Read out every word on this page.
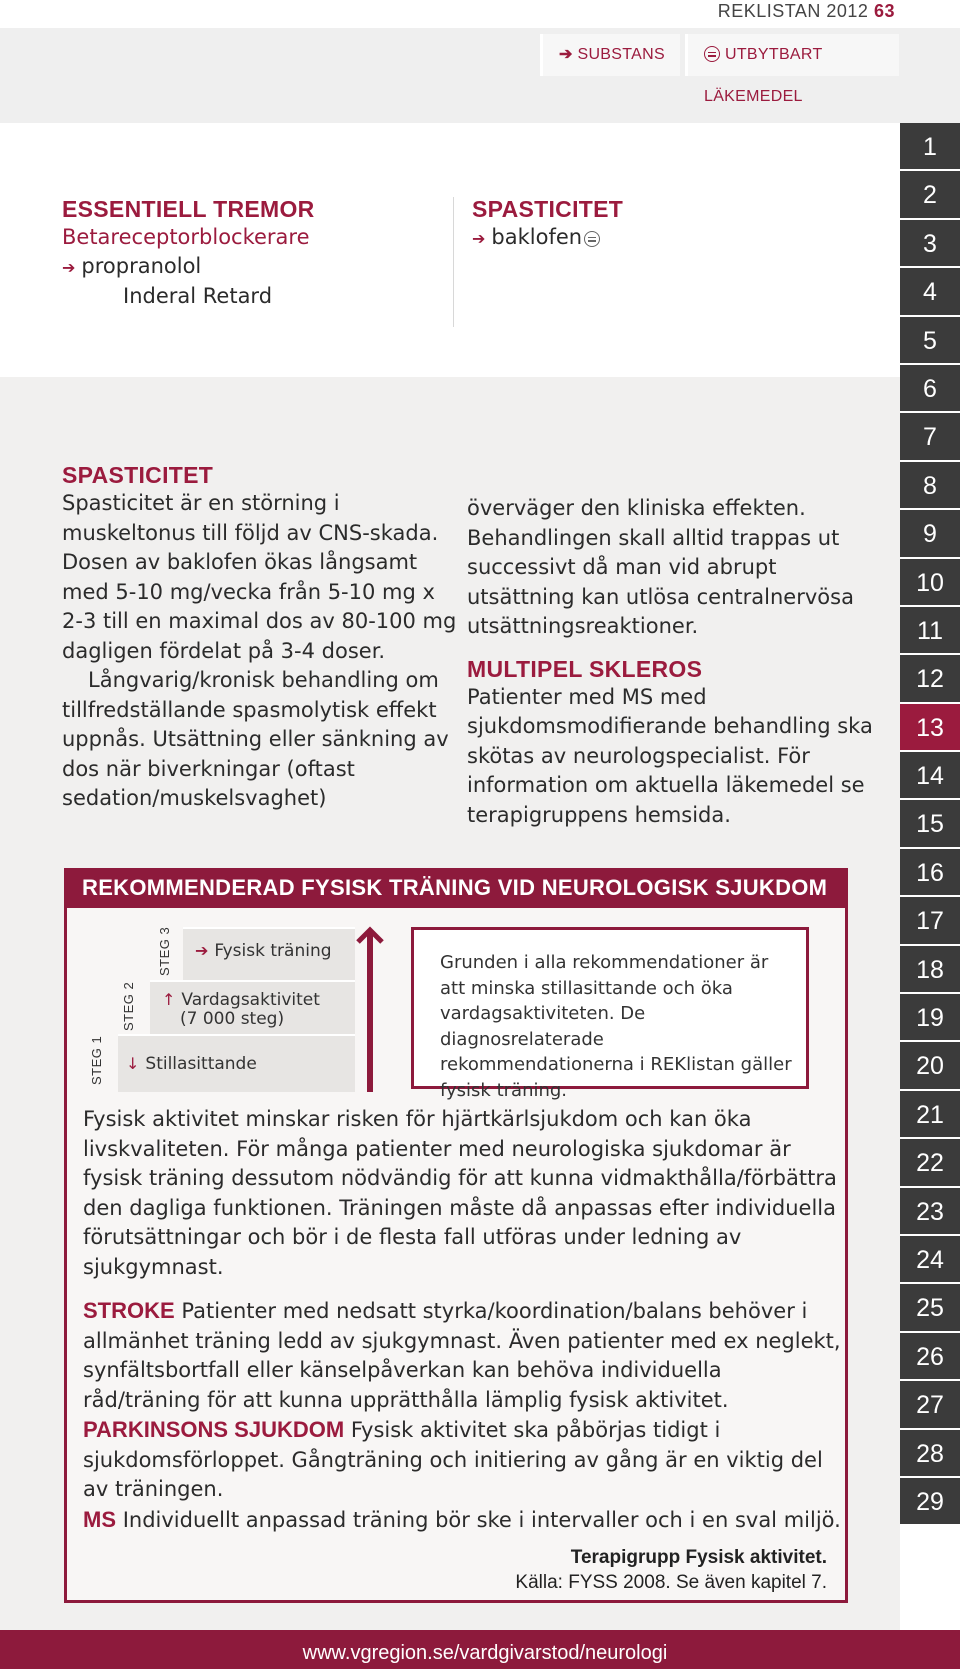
REKLISTAN 2012 63
➔ SUBSTANS	UTBYTBART LÄKEMEDEL
ESSENTIELL TREMOR
Betareceptorblockerare
➔ propranolol
Inderal Retard
SPASTICITET
➔ baklofen
SPASTICITET

Spasticitet är en störning i muskeltonus till följd av CNS-skada. Dosen av baklofen ökas långsamt med 5-10 mg/vecka från 5-10 mg x 2-3 till en maximal dos av 80-100 mg dagligen fördelat på 3-4 doser.

Långvarig/kronisk behandling om tillfredställande spasmolytisk effekt uppnås. Utsättning eller sänkning av dos när biverkningar (oftast sedation/muskelsvaghet)

överväger den kliniska effekten. Behandlingen skall alltid trappas ut successivt då man vid abrupt utsättning kan utlösa centralnervösa utsättningsreaktioner.

MULTIPEL SKLEROS

Patienter med MS med sjukdomsmodifierande behandling ska skötas av neurologspecialist. För information om aktuella läkemedel se terapigruppens hemsida.

REKOMMENDERAD FYSISK TRÄNING VID NEUROLOGISK SJUKDOM
➔ Fysisk träning
↑ Vardagsaktivitet
(7 000 steg)
↓ Stillasittande
STEG 3
STEG 2
STEG 1
Grunden i alla rekommendationer är att minska stillasittande och öka vardagsaktiviteten. De diagnosrelaterade rekommendationerna i REKlistan gäller fysisk träning.

Fysisk aktivitet minskar risken för hjärtkärlsjukdom och kan öka livskvaliteten. För många patienter med neurologiska sjukdomar är fysisk träning dessutom nödvändig för att kunna vidmakthålla/förbättra den dagliga funktionen. Träningen måste då anpassas efter individuella förutsättningar och bör i de flesta fall utföras under ledning av sjukgymnast.

STROKE Patienter med nedsatt styrka/koordination/balans behöver i allmänhet träning ledd av sjukgymnast. Även patienter med ex neglekt, synfältsbortfall eller känselpåverkan kan behöva individuella råd/träning för att kunna upprätthålla lämplig fysisk aktivitet.

PARKINSONS SJUKDOM Fysisk aktivitet ska påbörjas tidigt i sjukdomsförloppet. Gångträning och initiering av gång är en viktig del av träningen.

MS Individuellt anpassad träning bör ske i intervaller och i en sval miljö.

Terapigrupp Fysisk aktivitet.
Källa: FYSS 2008. Se även kapitel 7.
1
2
3
4
5
6
7
8
9
10
11
12
13
14
15
16
17
18
19
20
21
22
23
24
25
26
27
28
29
www.vgregion.se/vardgivarstod/neurologi
